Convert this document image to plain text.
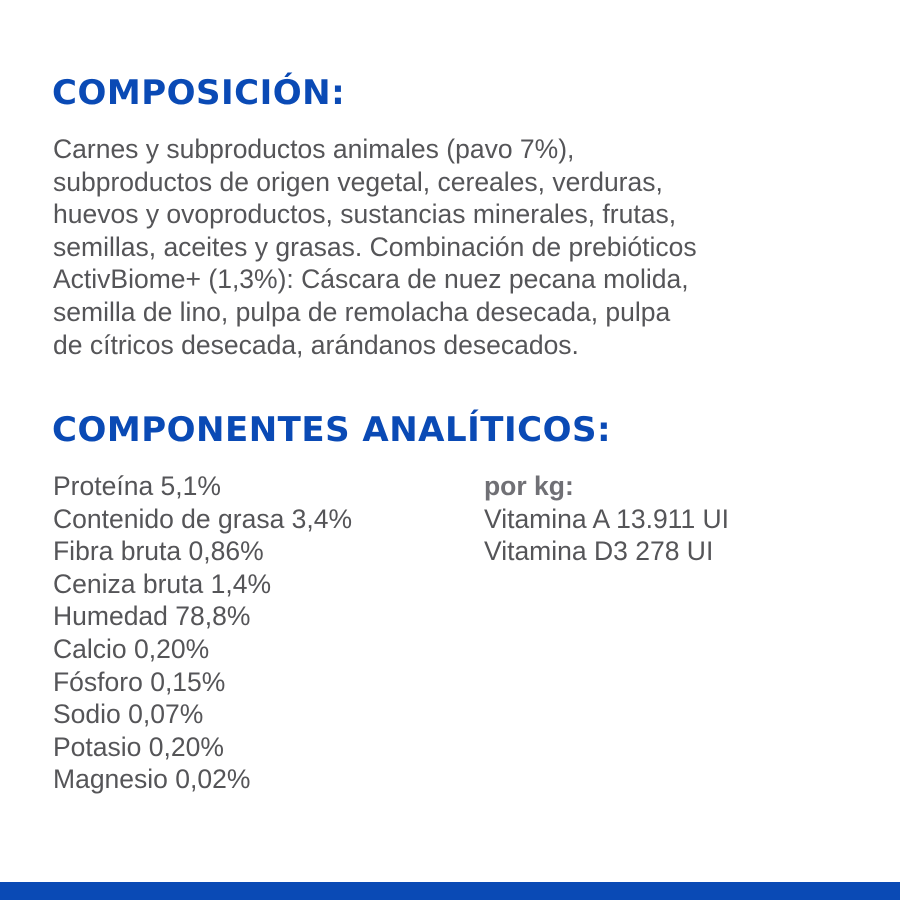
COMPOSICIÓN:

Carnes y subproductos animales (pavo 7%),
subproductos de origen vegetal, cereales, verduras,
huevos y ovoproductos, sustancias minerales, frutas,
semillas, aceites y grasas. Combinación de prebióticos
ActivBiome+ (1,3%): Cáscara de nuez pecana molida,
semilla de lino, pulpa de remolacha desecada, pulpa
de cítricos desecada, arándanos desecados.

COMPONENTES ANALÍTICOS:
Proteína 5,1%
Contenido de grasa 3,4%
Fibra bruta 0,86%
Ceniza bruta 1,4%
Humedad 78,8%
Calcio 0,20%
Fósforo 0,15%
Sodio 0,07%
Potasio 0,20%
Magnesio 0,02%
por kg:
Vitamina A 13.911 UI
Vitamina D3 278 UI
